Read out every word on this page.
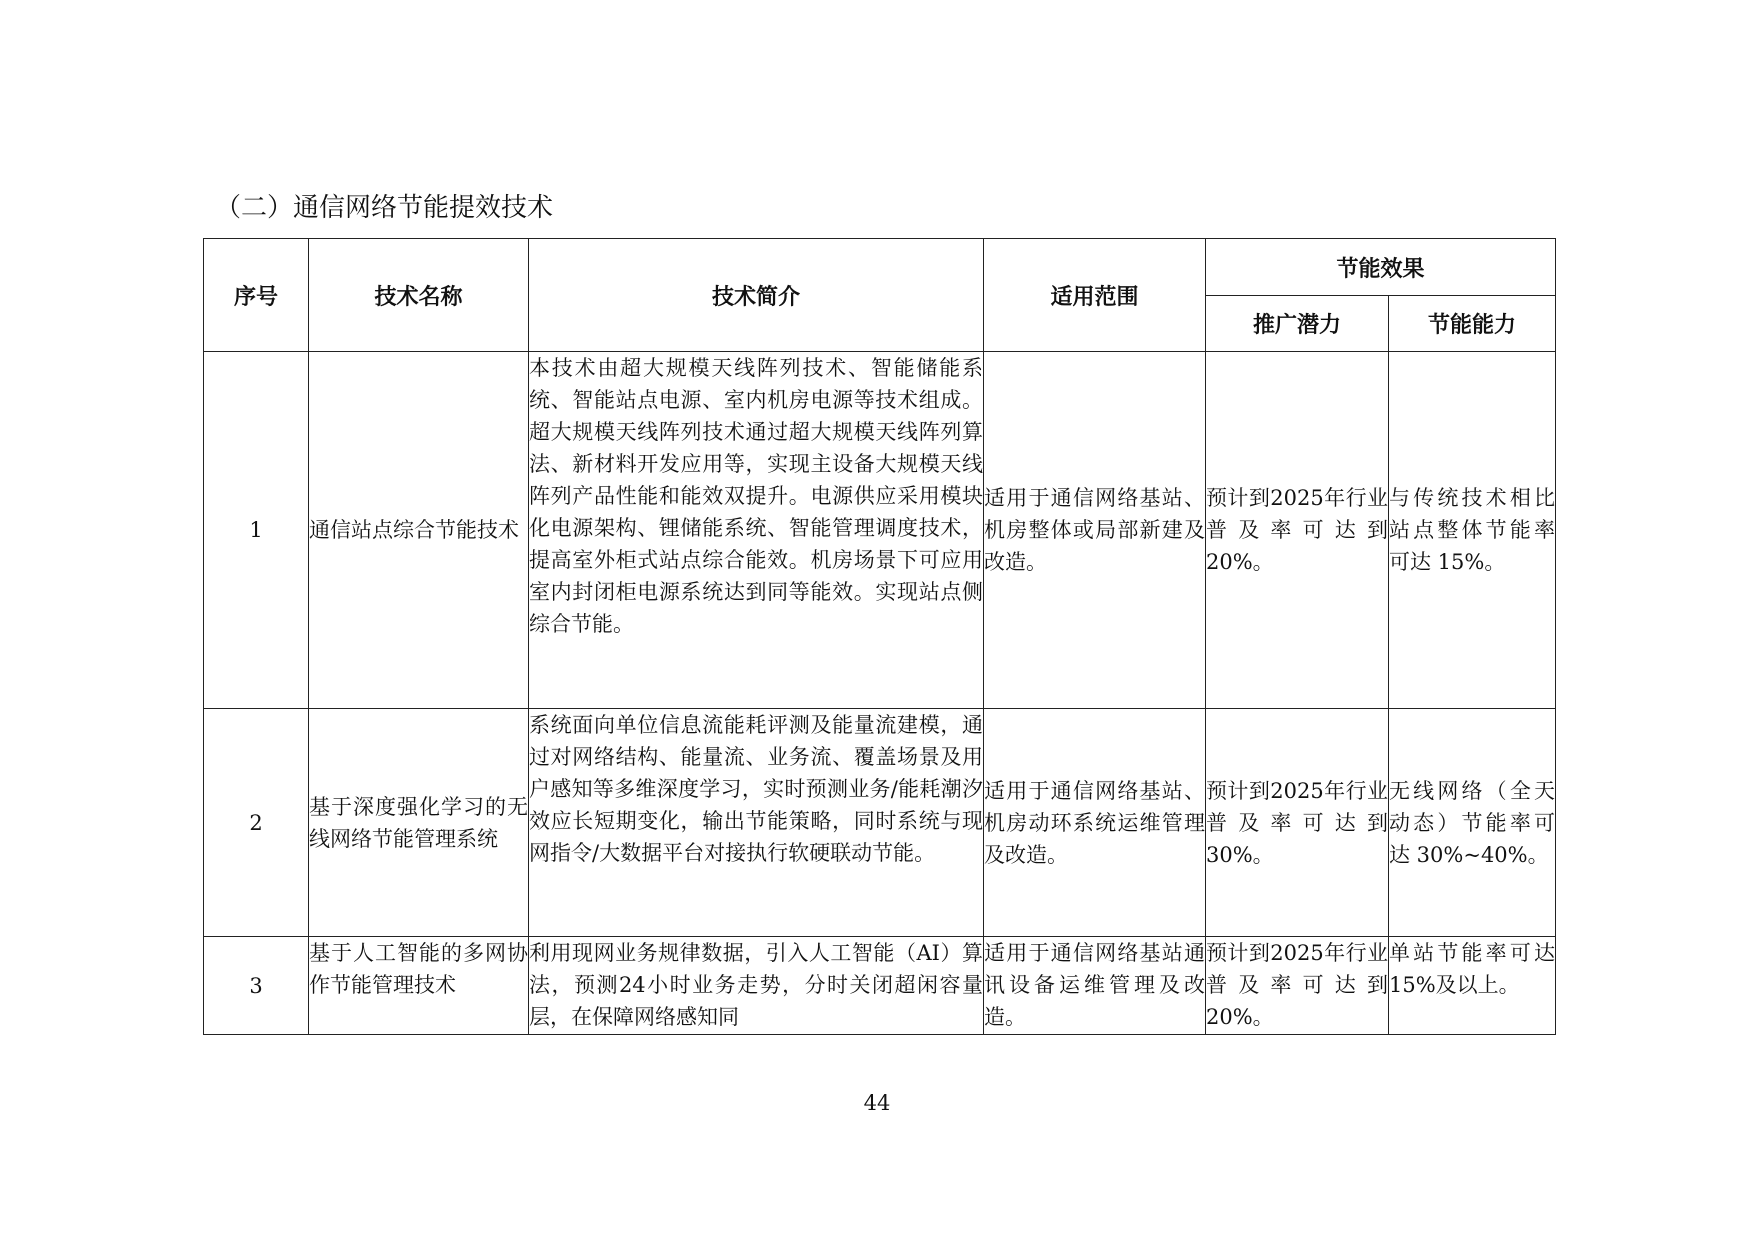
（二）通信网络节能提效技术
序号	技术名称	技术简介	适用范围	节能效果	
				推广潜力	节能能力
1	通信站点综合节能技术	本技术由超大规模天线阵列技术、智能储能系统、智能站点电源、室内机房电源等技术组成。超大规模天线阵列技术通过超大规模天线阵列算法、新材料开发应用等，实现主设备大规模天线阵列产品性能和能效双提升。电源供应采用模块化电源架构、锂储能系统、智能管理调度技术，提高室外柜式站点综合能效。机房场景下可应用室内封闭柜电源系统达到同等能效。实现站点侧综合节能。	适用于通信网络基站、机房整体或局部新建及改造。	预计到2025年行业普及率可达到20%。	与传统技术相比站点整体节能率可达 15%。
2	基于深度强化学习的无线网络节能管理系统	系统面向单位信息流能耗评测及能量流建模，通过对网络结构、能量流、业务流、覆盖场景及用户感知等多维深度学习，实时预测业务/能耗潮汐效应长短期变化，输出节能策略，同时系统与现网指令/大数据平台对接执行软硬联动节能。	适用于通信网络基站、机房动环系统运维管理及改造。	预计到2025年行业普及率可达到30%。	无线网络（全天动态）节能率可达 30%~40%。
3	基于人工智能的多网协作节能管理技术	利用现网业务规律数据，引入人工智能（AI）算法，预测24小时业务走势，分时关闭超闲容量层，在保障网络感知同	适用于通信网络基站通讯设备运维管理及改造。	预计到2025年行业普及率可达到20%。	单站节能率可达 15%及以上。
44
